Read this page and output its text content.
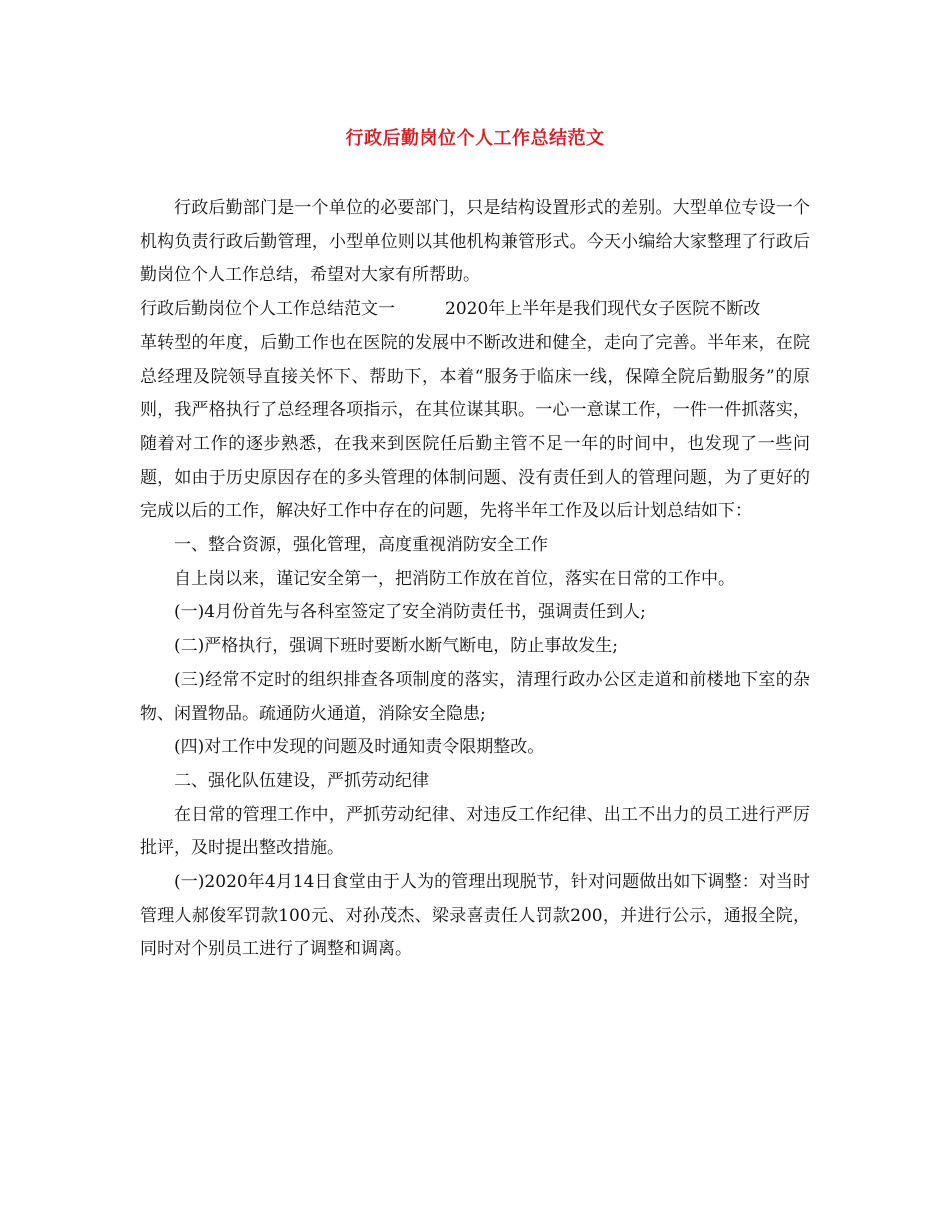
行政后勤岗位个人工作总结范文

行政后勤部门是一个单位的必要部门，只是结构设置形式的差别。大型单位专设一个机构负责行政后勤管理，小型单位则以其他机构兼管形式。今天小编给大家整理了行政后勤岗位个人工作总结，希望对大家有所帮助。

行政后勤岗位个人工作总结范文一	2020年上半年是我们现代女子医院不断改

革转型的年度，后勤工作也在医院的发展中不断改进和健全，走向了完善。半年来，在院总经理及院领导直接关怀下、帮助下，本着“服务于临床一线，保障全院后勤服务”的原则，我严格执行了总经理各项指示，在其位谋其职。一心一意谋工作，一件一件抓落实，随着对工作的逐步熟悉，在我来到医院任后勤主管不足一年的时间中，也发现了一些问题，如由于历史原因存在的多头管理的体制问题、没有责任到人的管理问题，为了更好的完成以后的工作，解决好工作中存在的问题，先将半年工作及以后计划总结如下：

一、整合资源，强化管理，高度重视消防安全工作

自上岗以来，谨记安全第一，把消防工作放在首位，落实在日常的工作中。

(一)4月份首先与各科室签定了安全消防责任书，强调责任到人;

(二)严格执行，强调下班时要断水断气断电，防止事故发生;

(三)经常不定时的组织排查各项制度的落实，清理行政办公区走道和前楼地下室的杂物、闲置物品。疏通防火通道，消除安全隐患;

(四)对工作中发现的问题及时通知责令限期整改。

二、强化队伍建设，严抓劳动纪律

在日常的管理工作中，严抓劳动纪律、对违反工作纪律、出工不出力的员工进行严厉批评，及时提出整改措施。

(一)2020年4月14日食堂由于人为的管理出现脱节，针对问题做出如下调整：对当时管理人郝俊军罚款100元、对孙茂杰、梁录喜责任人罚款200，并进行公示，通报全院，同时对个别员工进行了调整和调离。
